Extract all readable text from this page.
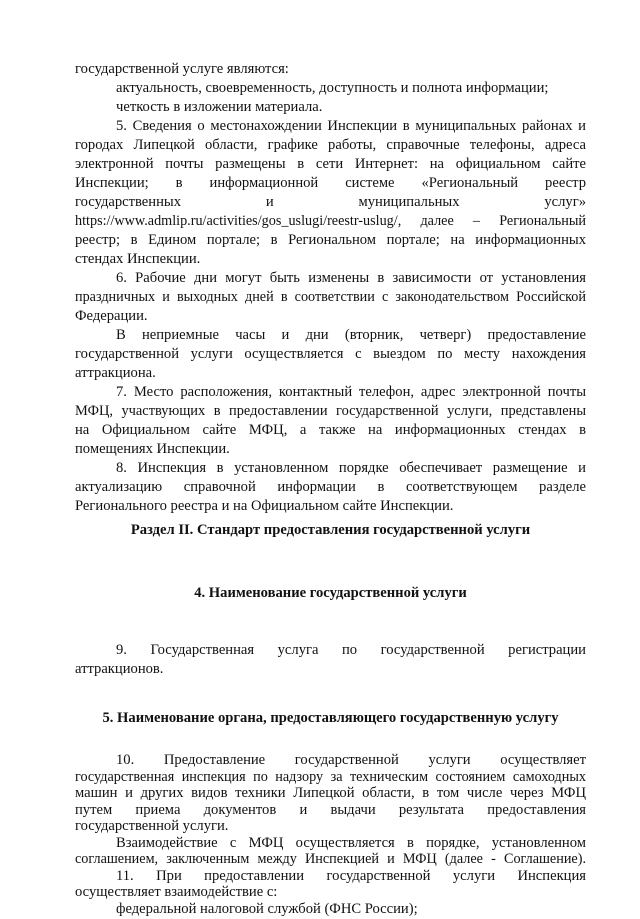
государственной услуге являются:
актуальность, своевременность, доступность и полнота информации;
четкость в изложении материала.
5. Сведения о местонахождении Инспекции в муниципальных районах и
городах Липецкой области, графике работы, справочные телефоны, адреса
электронной почты размещены в сети Интернет: на официальном сайте
Инспекции; в информационной системе «Региональный реестр
государственных и муниципальных услуг»
https://www.admlip.ru/activities/gos_uslugi/reestr-uslug/, далее – Региональный
реестр; в Едином портале; в Региональном портале; на информационных
стендах Инспекции.
6. Рабочие дни могут быть изменены в зависимости от установления
праздничных и выходных дней в соответствии с законодательством Российской
Федерации.
В неприемные часы и дни (вторник, четверг) предоставление
государственной услуги осуществляется с выездом по месту нахождения
аттракциона.
7. Место расположения, контактный телефон, адрес электронной почты
МФЦ, участвующих в предоставлении государственной услуги, представлены
на Официальном сайте МФЦ, а также на информационных стендах в
помещениях Инспекции.
8. Инспекция в установленном порядке обеспечивает размещение и
актуализацию справочной информации в соответствующем разделе
Регионального реестра и на Официальном сайте Инспекции.
Раздел II. Стандарт предоставления государственной услуги
4. Наименование государственной услуги
9. Государственная услуга по государственной регистрации
аттракционов.
5. Наименование органа, предоставляющего государственную услугу
10. Предоставление государственной услуги осуществляет
государственная инспекция по надзору за техническим состоянием самоходных
машин и других видов техники Липецкой области, в том числе через МФЦ
путем приема документов и выдачи результата предоставления
государственной услуги.
Взаимодействие с МФЦ осуществляется в порядке, установленном
соглашением, заключенным между Инспекцией и МФЦ (далее - Соглашение).
11. При предоставлении государственной услуги Инспекция
осуществляет взаимодействие с:
федеральной налоговой службой (ФНС России);
